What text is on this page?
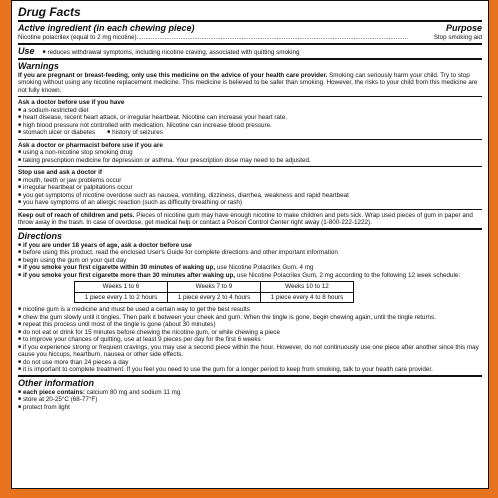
Drug Facts
Active ingredient (in each chewing piece)	Purpose
Nicotine polacrilex (equal to 2 mg nicotine) ...........................................................................................................................................................	Stop smoking aid
Use	■ reduces withdrawal symptoms, including nicotine craving, associated with quitting smoking
Warnings

If you are pregnant or breast-feeding, only use this medicine on the advice of your health care provider. Smoking can seriously harm your child. Try to stop smoking without using any nicotine replacement medicine. This medicine is believed to be safer than smoking. However, the risks to your child from this medicine are not fully known.

Ask a doctor before use if you have
■ a sodium-restricted diet
■ heart disease, recent heart attack, or irregular heartbeat. Nicotine can increase your heart rate.
■ high blood pressure not controlled with medication. Nicotine can increase blood pressure.
■ stomach ulcer or diabetes	■ history of seizures
Ask a doctor or pharmacist before use if you are
■ using a non-nicotine stop smoking drug
■ taking prescription medicine for depression or asthma. Your prescription dose may need to be adjusted.
Stop use and ask a doctor if
■ mouth, teeth or jaw problems occur
■ irregular heartbeat or palpitations occur
■ you get symptoms of nicotine overdose such as nausea, vomiting, dizziness, diarrhea, weakness and rapid heartbeat
■ you have symptoms of an allergic reaction (such as difficulty breathing or rash)

Keep out of reach of children and pets. Pieces of nicotine gum may have enough nicotine to make children and pets sick. Wrap used pieces of gum in paper and throw away in the trash. In case of overdose, get medical help or contact a Poison Control Center right away (1-800-222-1222).

Directions
■ if you are under 18 years of age, ask a doctor before use
■ before using this product, read the enclosed User's Guide for complete directions and other important information
■ begin using the gum on your quit day
■ if you smoke your first cigarette within 30 minutes of waking up, use Nicotine Polacrilex Gum, 4 mg
■ if you smoke your first cigarette more than 30 minutes after waking up, use Nicotine Polacrilex Gum, 2 mg according to the following 12 week schedule:
Weeks 1 to 6	Weeks 7 to 9	Weeks 10 to 12
1 piece every 1 to 2 hours	1 piece every 2 to 4 hours	1 piece every 4 to 8 hours
■ nicotine gum is a medicine and must be used a certain way to get the best results
■ chew the gum slowly until it tingles. Then park it between your cheek and gum. When the tingle is gone, begin chewing again, until the tingle returns.
■ repeat this process until most of the tingle is gone (about 30 minutes)
■ do not eat or drink for 15 minutes before chewing the nicotine gum, or while chewing a piece
■ to improve your chances of quitting, use at least 9 pieces per day for the first 6 weeks
■ if you experience strong or frequent cravings, you may use a second piece within the hour. However, do not continuously use one piece after another since this may cause you hiccups, heartburn, nausea or other side effects.
■ do not use more than 24 pieces a day
■ it is important to complete treatment. If you feel you need to use the gum for a longer period to keep from smoking, talk to your health care provider.
Other information
■ each piece contains: calcium 80 mg and sodium 11 mg
■ store at 20-25°C (68-77°F)
■ protect from light
